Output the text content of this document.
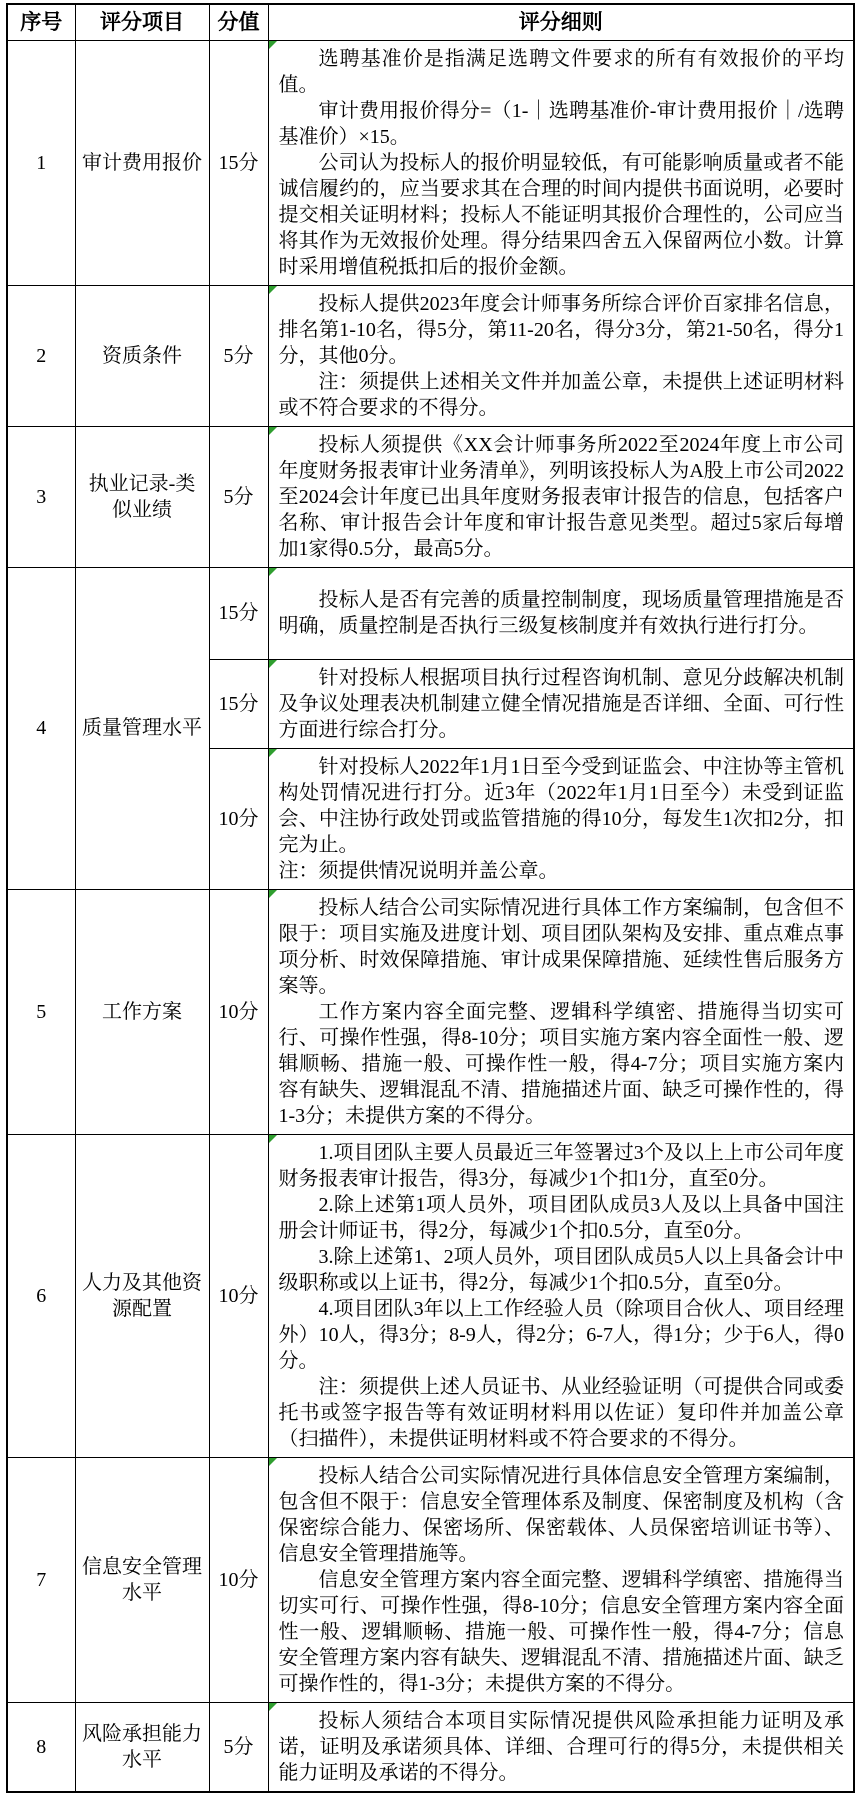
序号	评分项目	分值	评分细则
1	审计费用报价	15分	选聘基准价是指满足选聘文件要求的所有有效报价的平均值。

审计费用报价得分=（1-｜选聘基准价-审计费用报价｜/选聘基准价）×15。

公司认为投标人的报价明显较低，有可能影响质量或者不能诚信履约的，应当要求其在合理的时间内提供书面说明，必要时提交相关证明材料；投标人不能证明其报价合理性的，公司应当将其作为无效报价处理。得分结果四舍五入保留两位小数。计算时采用增值税抵扣后的报价金额。

2	资质条件	5分	投标人提供2023年度会计师事务所综合评价百家排名信息，排名第1-10名，得5分，第11-20名，得分3分，第21-50名，得分1分，其他0分。

注：须提供上述相关文件并加盖公章，未提供上述证明材料或不符合要求的不得分。

3	执业记录-类似业绩	5分	投标人须提供《XX会计师事务所2022至2024年度上市公司年度财务报表审计业务清单》，列明该投标人为A股上市公司2022至2024会计年度已出具年度财务报表审计报告的信息，包括客户名称、审计报告会计年度和审计报告意见类型。超过5家后每增加1家得0.5分，最高5分。

4	质量管理水平	15分	投标人是否有完善的质量控制制度，现场质量管理措施是否明确，质量控制是否执行三级复核制度并有效执行进行打分。

		15分	针对投标人根据项目执行过程咨询机制、意见分歧解决机制及争议处理表决机制建立健全情况措施是否详细、全面、可行性方面进行综合打分。

		10分	针对投标人2022年1月1日至今受到证监会、中注协等主管机构处罚情况进行打分。近3年（2022年1月1日至今）未受到证监会、中注协行政处罚或监管措施的得10分，每发生1次扣2分，扣完为止。

注：须提供情况说明并盖公章。

5	工作方案	10分	投标人结合公司实际情况进行具体工作方案编制，包含但不限于：项目实施及进度计划、项目团队架构及安排、重点难点事项分析、时效保障措施、审计成果保障措施、延续性售后服务方案等。

工作方案内容全面完整、逻辑科学缜密、措施得当切实可行、可操作性强，得8-10分；项目实施方案内容全面性一般、逻辑顺畅、措施一般、可操作性一般，得4-7分；项目实施方案内容有缺失、逻辑混乱不清、措施描述片面、缺乏可操作性的，得1-3分；未提供方案的不得分。

6	人力及其他资源配置	10分	1.项目团队主要人员最近三年签署过3个及以上上市公司年度财务报表审计报告，得3分，每减少1个扣1分，直至0分。

2.除上述第1项人员外，项目团队成员3人及以上具备中国注册会计师证书，得2分，每减少1个扣0.5分，直至0分。

3.除上述第1、2项人员外，项目团队成员5人以上具备会计中级职称或以上证书，得2分，每减少1个扣0.5分，直至0分。

4.项目团队3年以上工作经验人员（除项目合伙人、项目经理外）10人，得3分；8-9人，得2分；6-7人，得1分；少于6人，得0分。

注：须提供上述人员证书、从业经验证明（可提供合同或委托书或签字报告等有效证明材料用以佐证）复印件并加盖公章（扫描件），未提供证明材料或不符合要求的不得分。

7	信息安全管理水平	10分	投标人结合公司实际情况进行具体信息安全管理方案编制，包含但不限于：信息安全管理体系及制度、保密制度及机构（含保密综合能力、保密场所、保密载体、人员保密培训证书等）、信息安全管理措施等。

信息安全管理方案内容全面完整、逻辑科学缜密、措施得当切实可行、可操作性强，得8-10分；信息安全管理方案内容全面性一般、逻辑顺畅、措施一般、可操作性一般，得4-7分；信息安全管理方案内容有缺失、逻辑混乱不清、措施描述片面、缺乏可操作性的，得1-3分；未提供方案的不得分。

8	风险承担能力水平	5分	投标人须结合本项目实际情况提供风险承担能力证明及承诺，证明及承诺须具体、详细、合理可行的得5分，未提供相关能力证明及承诺的不得分。
